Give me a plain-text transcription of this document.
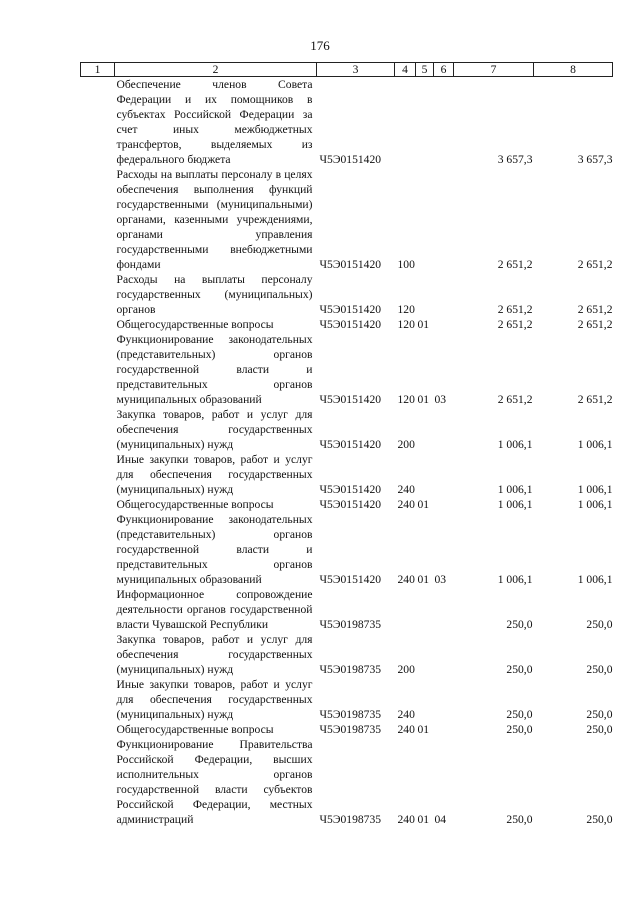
176
1	2	3	4	5	6	7	8
	Обеспечение членов Совета Федерации и их помощников в субъектах Российской Федерации за счет иных межбюджетных трансфертов, выделяемых из федерального бюджета	Ч5Э0151420				3 657,3	3 657,3
	Расходы на выплаты персоналу в целях обеспечения выполнения функций государственными (муниципальными) органами, казенными учреждениями, органами управления государственными внебюджетными фондами	Ч5Э0151420	100			2 651,2	2 651,2
	Расходы на выплаты персоналу государственных (муниципальных) органов	Ч5Э0151420	120			2 651,2	2 651,2
	Общегосударственные вопросы	Ч5Э0151420	120	01		2 651,2	2 651,2
	Функционирование законодательных (представительных) органов государственной власти и представительных органов муниципальных образований	Ч5Э0151420	120	01	03	2 651,2	2 651,2
	Закупка товаров, работ и услуг для обеспечения государственных (муниципальных) нужд	Ч5Э0151420	200			1 006,1	1 006,1
	Иные закупки товаров, работ и услуг для обеспечения государственных (муниципальных) нужд	Ч5Э0151420	240			1 006,1	1 006,1
	Общегосударственные вопросы	Ч5Э0151420	240	01		1 006,1	1 006,1
	Функционирование законодательных (представительных) органов государственной власти и представительных органов муниципальных образований	Ч5Э0151420	240	01	03	1 006,1	1 006,1
	Информационное сопровождение деятельности органов государственной власти Чувашской Республики	Ч5Э0198735				250,0	250,0
	Закупка товаров, работ и услуг для обеспечения государственных (муниципальных) нужд	Ч5Э0198735	200			250,0	250,0
	Иные закупки товаров, работ и услуг для обеспечения государственных (муниципальных) нужд	Ч5Э0198735	240			250,0	250,0
	Общегосударственные вопросы	Ч5Э0198735	240	01		250,0	250,0
	Функционирование Правительства Российской Федерации, высших исполнительных органов государственной власти субъектов Российской Федерации, местных администраций	Ч5Э0198735	240	01	04	250,0	250,0
